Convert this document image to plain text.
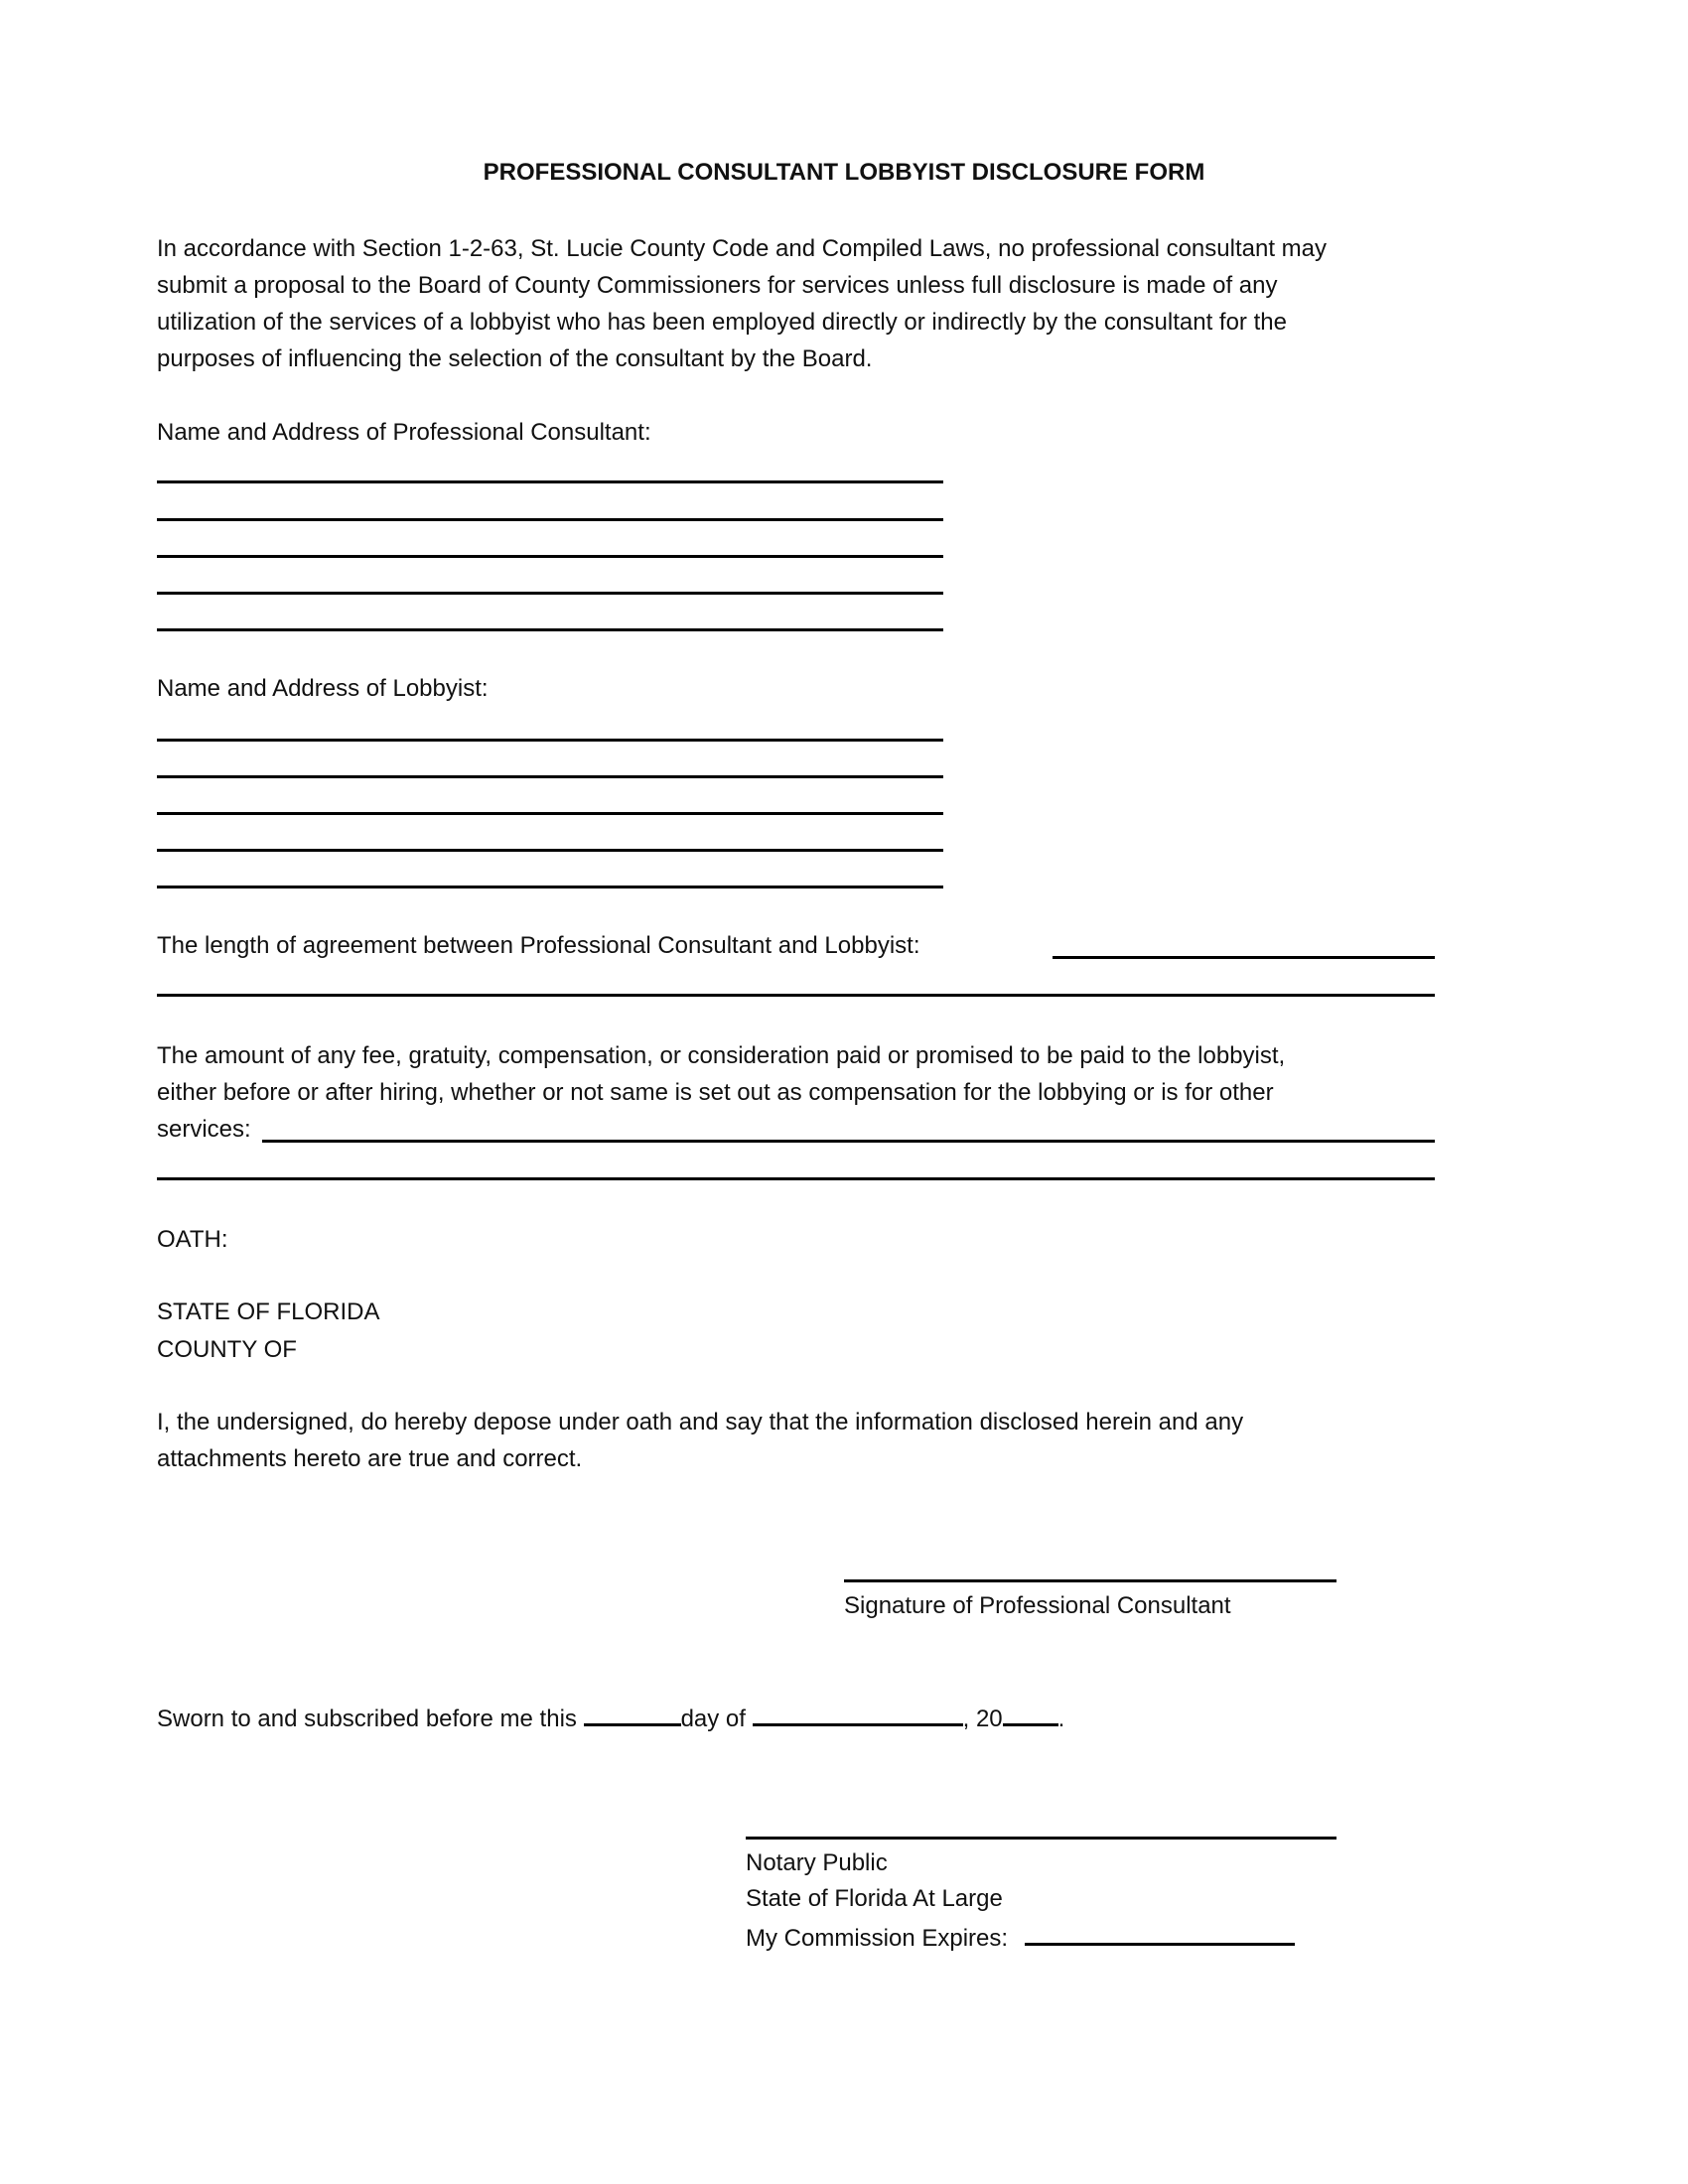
PROFESSIONAL CONSULTANT LOBBYIST DISCLOSURE FORM
In accordance with Section 1-2-63, St. Lucie County Code and Compiled Laws, no professional consultant may
submit a proposal to the Board of County Commissioners for services unless full disclosure is made of any
utilization of the services of a lobbyist who has been employed directly or indirectly by the consultant for the
purposes of influencing the selection of the consultant by the Board.
Name and Address of Professional Consultant:
Name and Address of Lobbyist:
The length of agreement between Professional Consultant and Lobbyist:
The amount of any fee, gratuity, compensation, or consideration paid or promised to be paid to the lobbyist,
either before or after hiring, whether or not same is set out as compensation for the lobbying or is for other
services:
OATH:
STATE OF FLORIDA
COUNTY OF
I, the undersigned, do hereby depose under oath and say that the information disclosed herein and any
attachments hereto are true and correct.
Signature of Professional Consultant
Sworn to and subscribed before me this	day of	, 20 .
Notary Public
State of Florida At Large
My Commission Expires:
